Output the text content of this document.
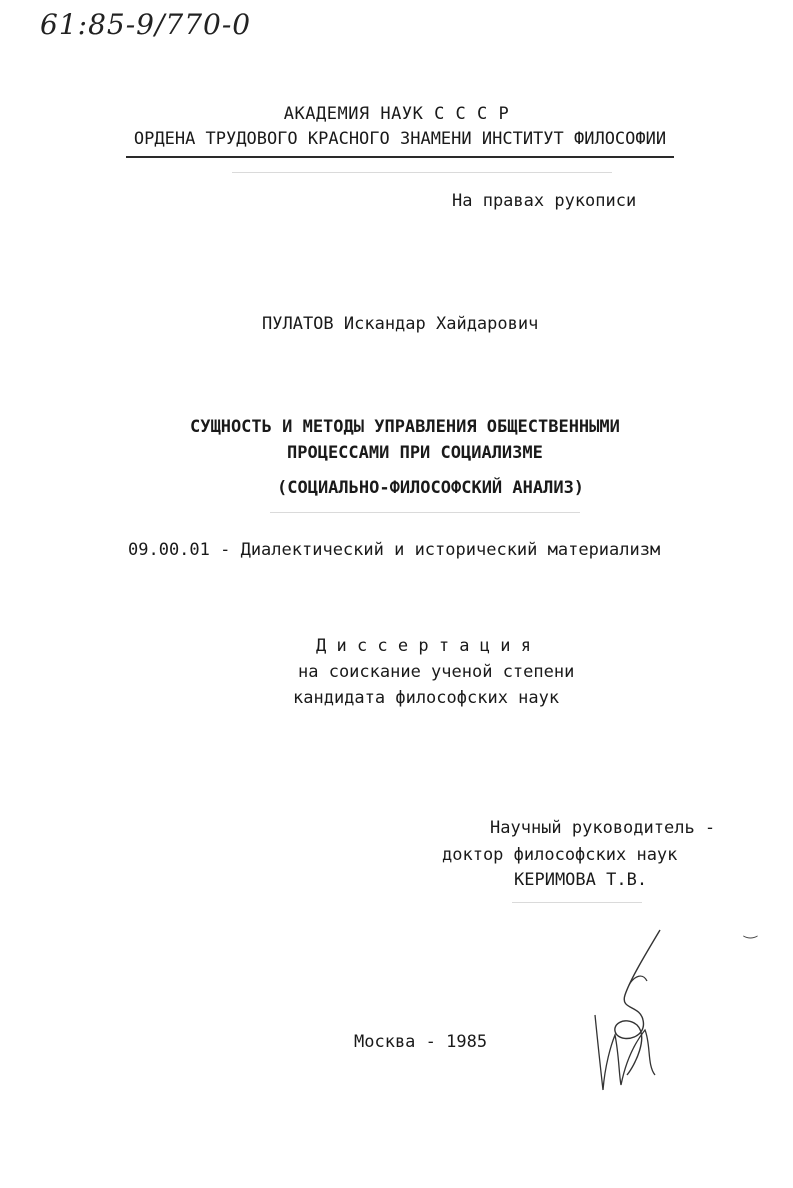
61:85-9/770-0
АКАДЕМИЯ НАУК С С С Р
ОРДЕНА ТРУДОВОГО КРАСНОГО ЗНАМЕНИ ИНСТИТУТ ФИЛОСОФИИ
На правах рукописи
ПУЛАТОВ Искандар Хайдарович
СУЩНОСТЬ И МЕТОДЫ УПРАВЛЕНИЯ ОБЩЕСТВЕННЫМИ
ПРОЦЕССАМИ ПРИ СОЦИАЛИЗМЕ
(СОЦИАЛЬНО-ФИЛОСОФСКИЙ АНАЛИЗ)
09.00.01 - Диалектический и исторический материализм
Д и с с е р т а ц и я
на соискание ученой степени
кандидата философских наук
Научный руководитель -
доктор философских наук
КЕРИМОВА Т.В.
‿
Москва - 1985
